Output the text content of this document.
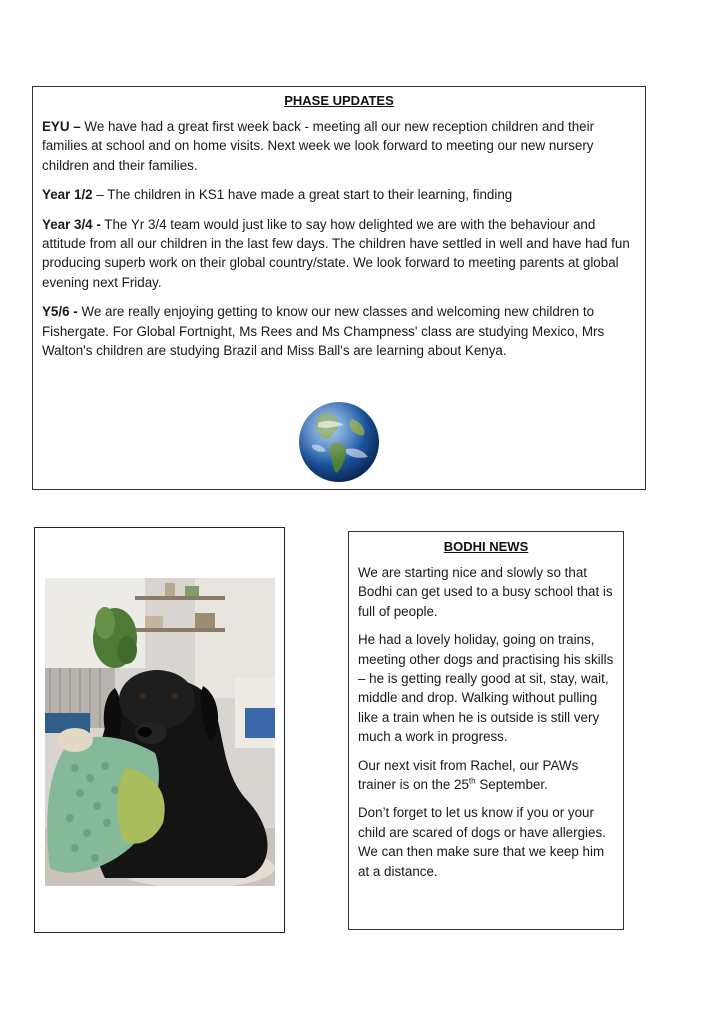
PHASE UPDATES

EYU – We have had a great first week back - meeting all our new reception children and their families at school and on home visits. Next week we look forward to meeting our new nursery children and their families.

Year 1/2 – The children in KS1 have made a great start to their learning, finding

Year 3/4 - The Yr 3/4 team would just like to say how delighted we are with the behaviour and attitude from all our children in the last few days. The children have settled in well and have had fun producing superb work on their global country/state. We look forward to meeting parents at global evening next Friday.

Y5/6 - We are really enjoying getting to know our new classes and welcoming new children to Fishergate. For Global Fortnight, Ms Rees and Ms Champness' class are studying Mexico, Mrs Walton's children are studying Brazil and Miss Ball's are learning about Kenya.

BODHI NEWS

We are starting nice and slowly so that Bodhi can get used to a busy school that is full of people.

He had a lovely holiday, going on trains, meeting other dogs and practising his skills – he is getting really good at sit, stay, wait, middle and drop. Walking without pulling like a train when he is outside is still very much a work in progress.

Our next visit from Rachel, our PAWs trainer is on the 25th September.

Don’t forget to let us know if you or your child are scared of dogs or have allergies. We can then make sure that we keep him at a distance.
